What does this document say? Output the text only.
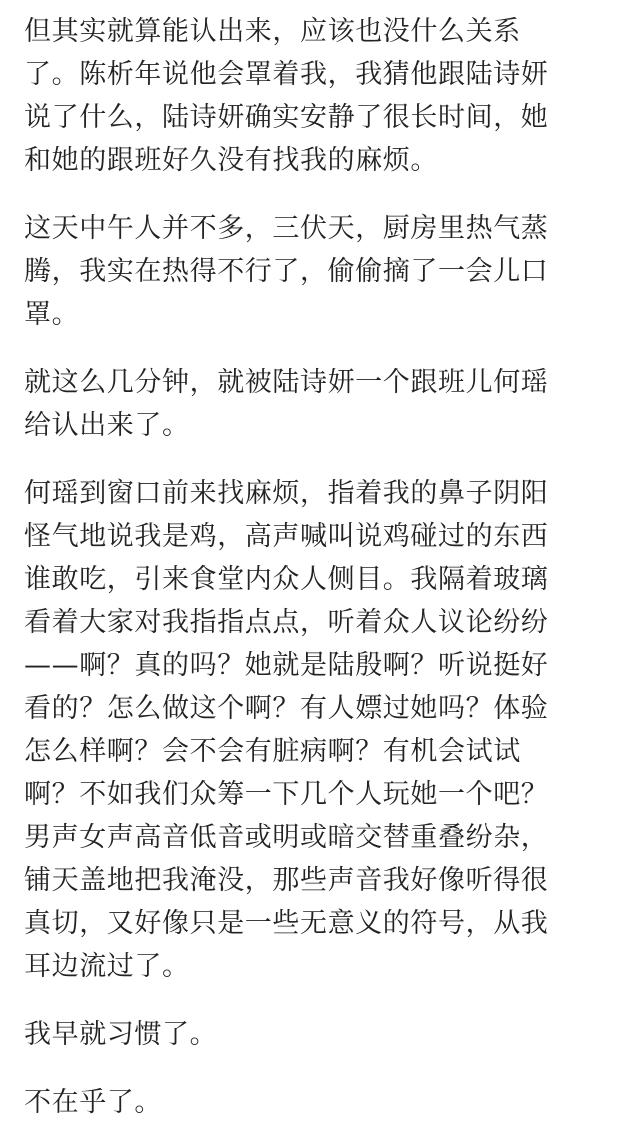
但其实就算能认出来，应该也没什么关系
了。陈析年说他会罩着我，我猜他跟陆诗妍
说了什么，陆诗妍确实安静了很长时间，她
和她的跟班好久没有找我的麻烦。

这天中午人并不多，三伏天，厨房里热气蒸
腾，我实在热得不行了，偷偷摘了一会儿口
罩。

就这么几分钟，就被陆诗妍一个跟班儿何瑶
给认出来了。

何瑶到窗口前来找麻烦，指着我的鼻子阴阳
怪气地说我是鸡，高声喊叫说鸡碰过的东西
谁敢吃，引来食堂内众人侧目。我隔着玻璃
看着大家对我指指点点，听着众人议论纷纷
——啊？真的吗？她就是陆殷啊？听说挺好
看的？怎么做这个啊？有人嫖过她吗？体验
怎么样啊？会不会有脏病啊？有机会试试
啊？不如我们众筹一下几个人玩她一个吧？
男声女声高音低音或明或暗交替重叠纷杂，
铺天盖地把我淹没，那些声音我好像听得很
真切，又好像只是一些无意义的符号，从我
耳边流过了。

我早就习惯了。

不在乎了。
